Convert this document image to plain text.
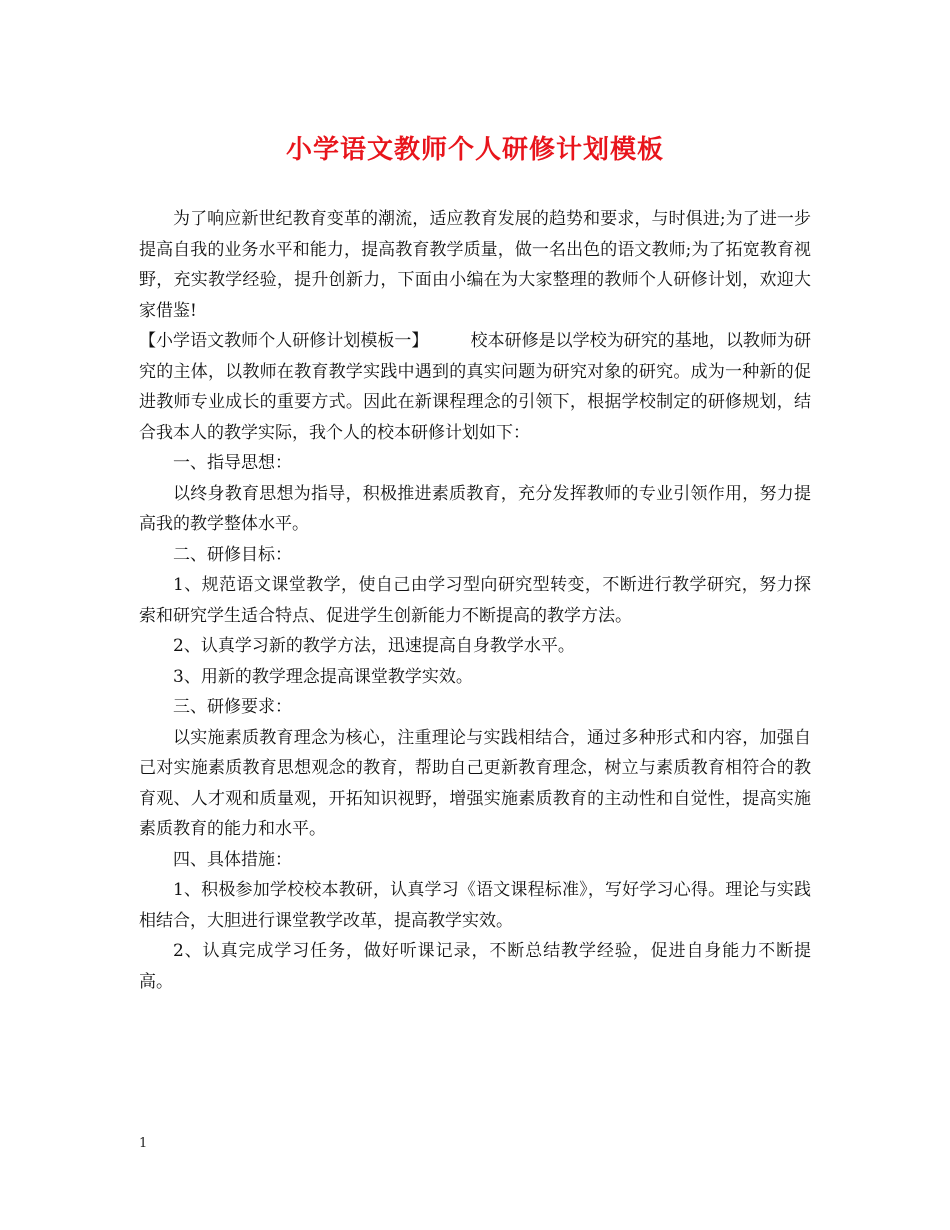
小学语文教师个人研修计划模板

为了响应新世纪教育变革的潮流，适应教育发展的趋势和要求，与时俱进;为了进一步提高自我的业务水平和能力，提高教育教学质量，做一名出色的语文教师;为了拓宽教育视野，充实教学经验，提升创新力，下面由小编在为大家整理的教师个人研修计划，欢迎大家借鉴!

【小学语文教师个人研修计划模板一】 校本研修是以学校为研究的基地，以教师为研究的主体，以教师在教育教学实践中遇到的真实问题为研究对象的研究。成为一种新的促进教师专业成长的重要方式。因此在新课程理念的引领下，根据学校制定的研修规划，结合我本人的教学实际，我个人的校本研修计划如下：

一、指导思想：

以终身教育思想为指导，积极推进素质教育，充分发挥教师的专业引领作用，努力提高我的教学整体水平。

二、研修目标：

1、规范语文课堂教学，使自己由学习型向研究型转变，不断进行教学研究，努力探索和研究学生适合特点、促进学生创新能力不断提高的教学方法。

2、认真学习新的教学方法，迅速提高自身教学水平。

3、用新的教学理念提高课堂教学实效。

三、研修要求：

以实施素质教育理念为核心，注重理论与实践相结合，通过多种形式和内容，加强自己对实施素质教育思想观念的教育，帮助自己更新教育理念，树立与素质教育相符合的教育观、人才观和质量观，开拓知识视野，增强实施素质教育的主动性和自觉性，提高实施素质教育的能力和水平。

四、具体措施：

1、积极参加学校校本教研，认真学习《语文课程标准》，写好学习心得。理论与实践相结合，大胆进行课堂教学改革，提高教学实效。

2、认真完成学习任务，做好听课记录，不断总结教学经验，促进自身能力不断提高。

1
